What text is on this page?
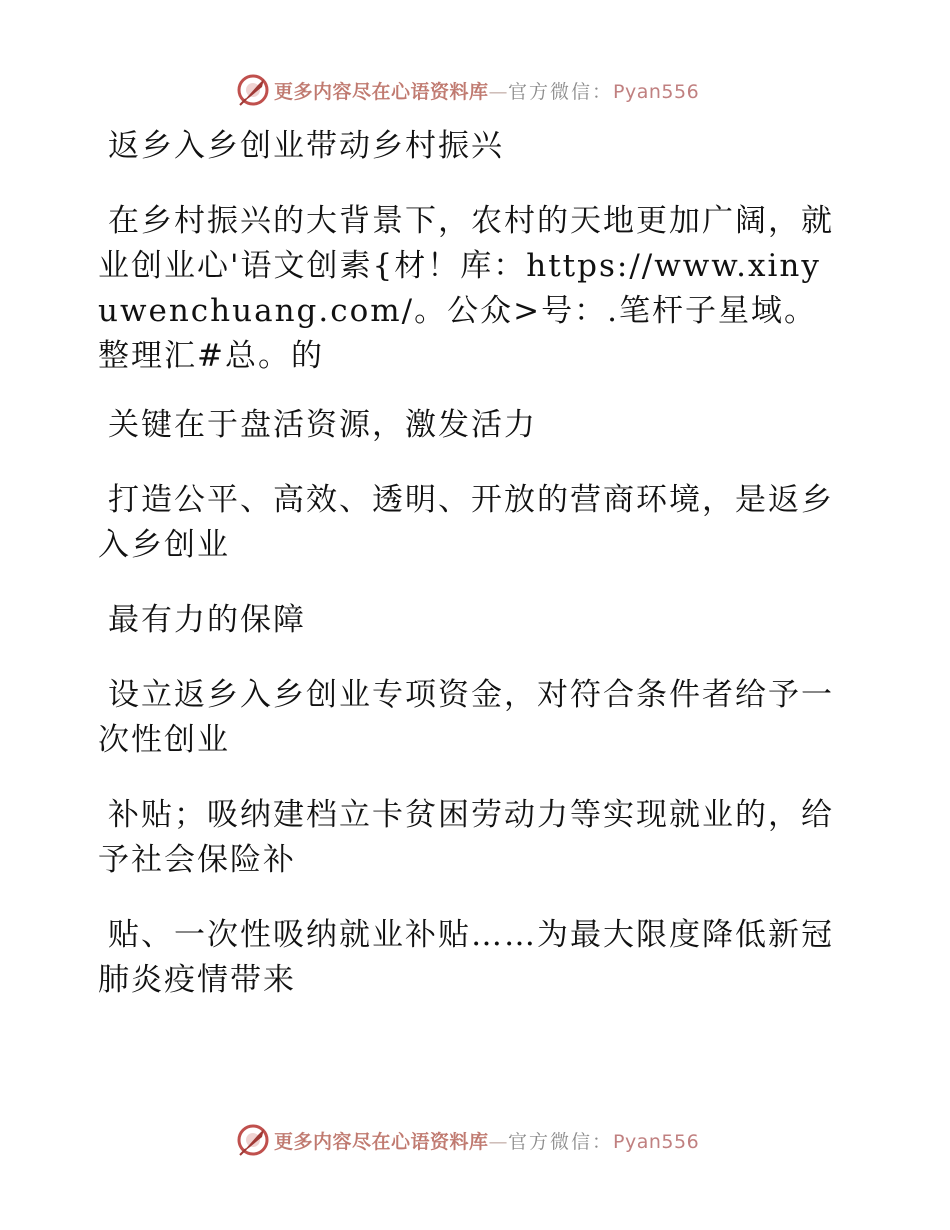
更多内容尽在心语资料库—官方微信：Pyan556

返乡入乡创业带动乡村振兴

在乡村振兴的大背景下，农村的天地更加广阔，就业创业心'语文创素{材！库：https://www.xinyuwenchuang.com/。公众>号：.笔杆子星域。整理汇#总。的

关键在于盘活资源，激发活力

打造公平、高效、透明、开放的营商环境，是返乡入乡创业

最有力的保障

设立返乡入乡创业专项资金，对符合条件者给予一次性创业

补贴；吸纳建档立卡贫困劳动力等实现就业的，给予社会保险补

贴、一次性吸纳就业补贴……为最大限度降低新冠肺炎疫情带来

更多内容尽在心语资料库—官方微信：Pyan556
